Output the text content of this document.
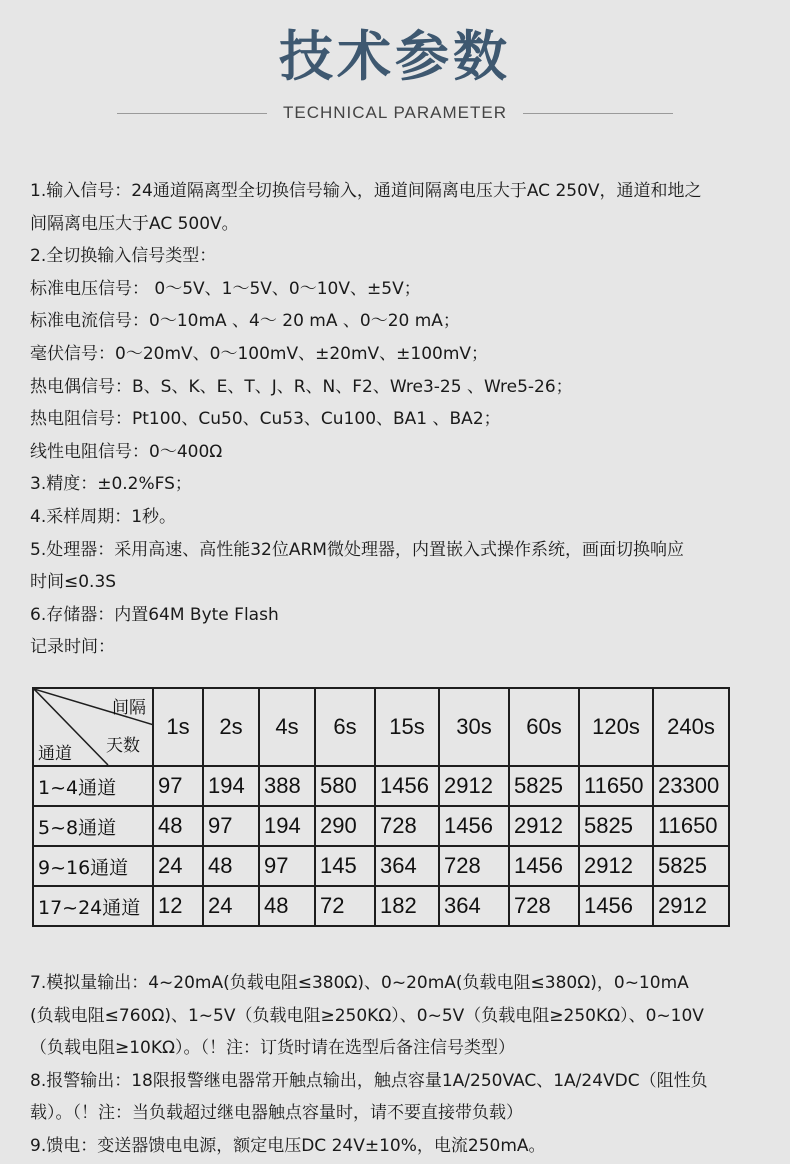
技术参数
TECHNICAL PARAMETER
1.输入信号：24通道隔离型全切换信号输入，通道间隔离电压大于AC 250V，通道和地之
间隔离电压大于AC 500V。
2.全切换输入信号类型：
标准电压信号： 0～5V、1～5V、0～10V、±5V；
标准电流信号：0～10mA 、4～ 20 mA 、0～20 mA；
毫伏信号：0～20mV、0～100mV、±20mV、±100mV；
热电偶信号：B、S、K、E、T、J、R、N、F2、Wre3-25 、Wre5-26；
热电阻信号：Pt100、Cu50、Cu53、Cu100、BA1 、BA2；
线性电阻信号：0～400Ω
3.精度：±0.2%FS；
4.采样周期：1秒。
5.处理器：采用高速、高性能32位ARM微处理器，内置嵌入式操作系统，画面切换响应
时间≤0.3S
6.存储器：内置64M Byte Flash
记录时间：
间隔
天数
通道	1s	2s	4s	6s	15s	30s	60s	120s	240s
1~4通道	97	194	388	580	1456	2912	5825	11650	23300
5~8通道	48	97	194	290	728	1456	2912	5825	11650
9~16通道	24	48	97	145	364	728	1456	2912	5825
17~24通道	12	24	48	72	182	364	728	1456	2912
7.模拟量输出：4~20mA(负载电阻≤380Ω)、0~20mA(负载电阻≤380Ω)，0~10mA
(负载电阻≤760Ω)、1~5V（负载电阻≥250KΩ）、0~5V（负载电阻≥250KΩ）、0~10V
（负载电阻≥10KΩ）。（！注：订货时请在选型后备注信号类型）
8.报警输出：18限报警继电器常开触点输出，触点容量1A/250VAC、1A/24VDC（阻性负
载）。（！注：当负载超过继电器触点容量时，请不要直接带负载）
9.馈电：变送器馈电电源，额定电压DC 24V±10%，电流250mA。
